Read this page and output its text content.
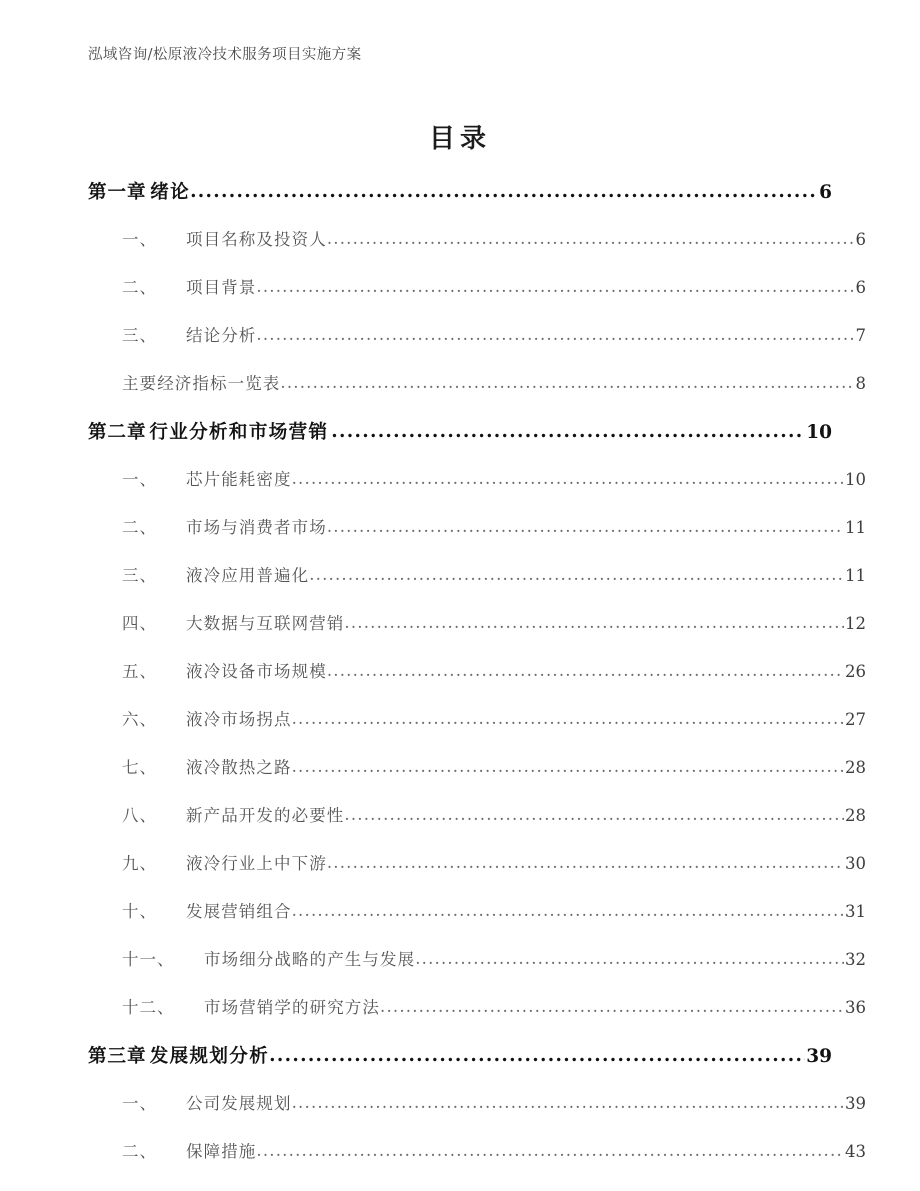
泓域咨询/松原液冷技术服务项目实施方案
目录
第一章 绪论 .....	6
一、	项目名称及投资人 .....	6
二、	项目背景 .....	6
三、	结论分析 .....	7
主要经济指标一览表 .....	8
第二章 行业分析和市场营销 .....	10
一、	芯片能耗密度 .....	10
二、	市场与消费者市场 .....	11
三、	液冷应用普遍化 .....	11
四、	大数据与互联网营销 .....	12
五、	液冷设备市场规模 .....	26
六、	液冷市场拐点 .....	27
七、	液冷散热之路 .....	28
八、	新产品开发的必要性 .....	28
九、	液冷行业上中下游 .....	30
十、	发展营销组合 .....	31
十一、	市场细分战略的产生与发展 .....	32
十二、	市场营销学的研究方法 .....	36
第三章 发展规划分析 .....	39
一、	公司发展规划 .....	39
二、	保障措施 .....	43
